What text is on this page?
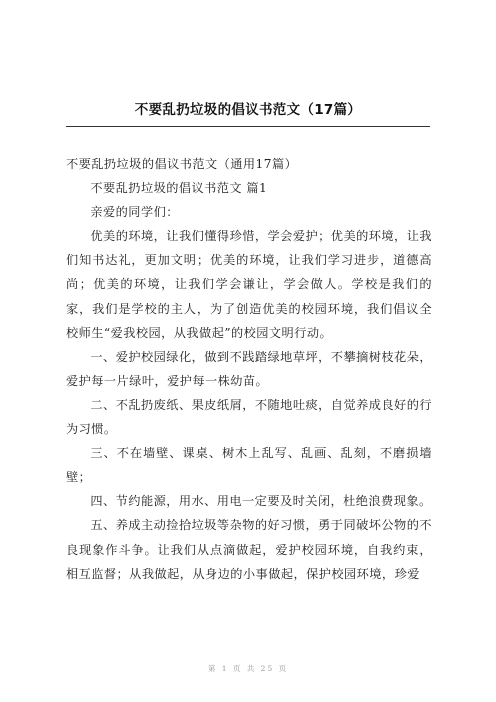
不要乱扔垃圾的倡议书范文（17篇）

不要乱扔垃圾的倡议书范文（通用17篇）

不要乱扔垃圾的倡议书范文 篇1

亲爱的同学们：

优美的环境，让我们懂得珍惜，学会爱护；优美的环境，让我们知书达礼，更加文明；优美的环境，让我们学习进步，道德高尚；优美的环境，让我们学会谦让，学会做人。学校是我们的家，我们是学校的主人，为了创造优美的校园环境，我们倡议全校师生“爱我校园，从我做起”的校园文明行动。

一、爱护校园绿化，做到不践踏绿地草坪，不攀摘树枝花朵，爱护每一片绿叶，爱护每一株幼苗。

二、不乱扔废纸、果皮纸屑，不随地吐痰，自觉养成良好的行为习惯。

三、不在墙壁、课桌、树木上乱写、乱画、乱刻，不磨损墙壁；

四、节约能源，用水、用电一定要及时关闭，杜绝浪费现象。

五、养成主动捡拾垃圾等杂物的好习惯，勇于同破坏公物的不良现象作斗争。让我们从点滴做起，爱护校园环境，自我约束，相互监督；从我做起，从身边的小事做起，保护校园环境，珍爱

第 1 页 共 25 页
